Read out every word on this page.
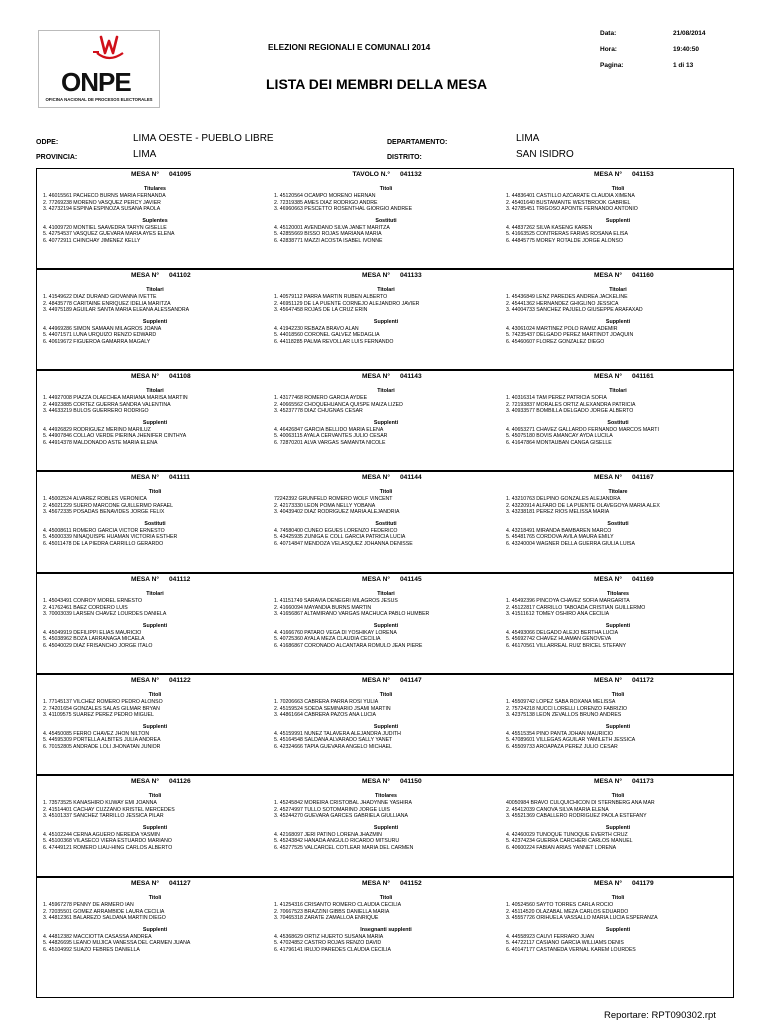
ONPE
OFICINA NACIONAL DE PROCESOS ELECTORALES
ELEZIONI REGIONALI E COMUNALI 2014
LISTA DEI MEMBRI DELLA MESA
Data:	21/08/2014
Hora:	19:40:50
Pagina:	1 di 13
ODPE:	LIMA OESTE - PUEBLO LIBRE
PROVINCIA:	LIMA
DEPARTAMENTO:	LIMA
DISTRITO:	SAN ISIDRO
MESA N° 041095
Titulares
1. 46015561 PACHECO BURNS MARIA FERNANDA
2. 77269238 MORENO VASQUEZ PERCY JAVIER
3. 42732194 ESPINA ESPINOZA SUSANA PAOLA
Suplentes
4. 41009720 MONTIEL SAAVEDRA TARYN GISELLE
5. 42754537 VASQUEZ GUEVARA MARIA AYES ELENA
6. 40772911 CHINCHAY JIMENEZ KELLY
TAVOLO N.° 041132
Titoli
1. 45120564 OCAMPO MORENO HERNAN
2. 72319385 AMES DIAZ RODRIGO ANDRE
3. 46960663 PESCETTO ROSENTHAL GIORGIO ANDREE
Sostituti
4. 45120001 AVENDAÑO SILVA JANET MARITZA
5. 42855669 BISSO ROJAS MARIANA MARIA
6. 42838771 MAZZI ACOSTA ISABEL IVONNE
MESA N° 041153
Titoli
1. 44836401 CASTILLO AZCARATE CLAUDIA XIMENA
2. 45401640 BUSTAMANTE WESTBROOK GABRIEL
3. 42785451 TRIGOSO APONTE FERNANDO ANTONIO
Supplenti
4. 44837262 SILVA KASENG KAREN
5. 41663525 CONTRERAS FARIAS ROSANA ELISA
6. 44845775 MOREY ROTALDE JORGE ALONSO
MESA N° 041102
Titolari
1. 41549622 DIAZ DURAND GIOVANNA IVETTE
2. 48435778 CARITAINE ENRIQUEZ IDELIA MARITZA
3. 44975189 AGUILAR SANTA MARIA ELEANA ALESSANDRA
Supplenti
4. 44969286 SIMON SAMAAN MILAGROS JOANA
5. 44071571 LUNA URQUIZO RENZO EDWARD
6. 40619672 FIGUEROA GAMARRA MAGALY
MESA N° 041133
Titolari
1. 40579112 PARRA MARTIN RUBEN ALBERTO
2. 46951129 DE LA PUENTE CORNEJO ALEJANDRO JAVIER
3. 45647458 ROJAS DE LA CRUZ ERIN
Supplenti
4. 41942230 REBAZA BRAVO ALAN
5. 44018560 CORONEL GALVEZ MEDAGLIA
6. 44118285 PALMA REVOLLAR LUIS FERNANDO
MESA N° 041160
Titolari
1. 45436849 LENZ PAREDES ANDREA JACKELINE
2. 45441362 HERNANDEZ GHIGLINO JESSICA
3. 44004733 SANCHEZ PAJUELO GIUSEPPE ARAFAXAD
Supplenti
4. 43061024 MARTINEZ POLO RAMIZ ADEMIR
5. 74235437 DELGADO PEREZ MARTINOT JOAQUIN
6. 45460607 FLOREZ GONZALEZ DIEGO
MESA N° 041108
Titolari
1. 44927008 PIAZZA OLAECHEA MARIANA MARISA MARTIN
2. 44923885 CORTEZ GUERRA SANDRA VALENTINA
3. 44633219 BULOS GUERRERO RODRIGO
Supplenti
4. 44926829 RODRIGUEZ MERINO MARILUZ
5. 44907846 COLLAO VERDE PIERINA JHENIFER CINTHYA
6. 44914378 MALDONADO ASTE MARIA ELENA
MESA N° 041143
Titolari
1. 43177468 ROMERO GARCIA AYDEE
2. 40665562 CHOQUEHUANCA QUISPE MAIZA LIZED
3. 45237778 DIAZ CHUGNAS CESAR
Supplenti
4. 46426847 GARCIA BELLIDO MARIA ELENA
5. 40063115 AYALA CERVANTES JULIO CESAR
6. 72870201 ALVA VARGAS SAMANTA NICOLE
MESA N° 041161
Titolari
1. 40316314 TAM PEREZ PATRICIA SOFIA
2. 72193837 MORALES ORTIZ ALEXANDRA PATRICIA
3. 40933577 BOMBILLA DELGADO JORGE ALBERTO
Sostituti
4. 40653271 CHAVEZ GALLARDO FERNANDO MARCOS MARTI
5. 45075180 BOVIS AMANCAY AYDA LUCILA
6. 41647864 MONTAUBAN CANGA GISELLE
MESA N° 041111
Titoli
1. 45002524 ALVAREZ ROBLES VERONICA
2. 45021229 SUERO MARCONE GUILLERMO RAFAEL
3. 45672335 POSADAS BENAVIDES JORGE FELIX
Sostituti
4. 45008611 ROMERO GARCIA VICTOR ERNESTO
5. 45000339 NINAQUISPE HUAMAN VICTORIA ESTHER
6. 45011478 DE LA PIEDRA CARRILLO GERARDO
MESA N° 041144
Titoli
72242392 GRUNFELD ROMERO WOLF VINCENT
2. 42173330 LEON POMA NELLY YOBANA
3. 40439402 DIAZ RODRIGUEZ MARIA ALEJANDRIA
Sostituti
4. 74580400 CUNEO EGÜES LORENZO FEDERICO
5. 43425935 ZUÑIGA E COLL GARCIA PATRICIA LUCIA
6. 40714847 MENDOZA VELASQUEZ JOHANNA DENISSE
MESA N° 041167
Titolare
1. 43210763 DELPINO GONZALES ALEJANDRA
2. 43220914 ALFARO DE LA PUENTE OLAVEGOYA MARIA ALEX
3. 43238181 PEREZ RIOS MELISSA MARIA
Sostituti
4. 43218491 MIRANDA BAMBAREN MARCO
5. 45481765 CORDOVA AVILA MAURA EMILY
6. 43240004 WAGNER DELLA GUERRA GIULIA LUISA
MESA N° 041112
Titolari
1. 45043491 CONROY MOREL ERNESTO
2. 41762461 BAEZ CORDERO LUIS
3. 70003039 LARSEN CHAVEZ LOURDES DANIELA
Supplenti
4. 45049919 DEFILIPPI ELIAS MAURICIO
5. 45038962 BOZA LARRAÑAGA MICAELA
6. 45040029 DIAZ FRISANCHO JORGE ITALO
MESA N° 041145
Titolari
1. 41151749 SARAVIA DENEGRI MILAGROS JESUS
2. 41660094 MAYANDIA BURNS MARTIN
3. 41656867 ALTAMIRANO VARGAS MACHUCA PABLO HUMBER
Supplenti
4. 41666760 PATARO VEGA DI YOSHIKAY LORENA
5. 40725360 AYALA MEZA CLAUDIA CECILIA
6. 41686867 CORONADO ALCANTARA ROMULO JEAN PIERE
MESA N° 041169
Titolares
1. 45492396 PINCOYA CHAVEZ SOFIA MARGARITA
2. 45122817 CARRILLO TABOADA CRISTIAN GUILLERMO
3. 41511612 TOMEY OSHIRO ANA CECILIA
Supplenti
4. 45493066 DELGADO ALEJO BERTHA LUCIA
5. 45692742 CHAVEZ HUAMAN GENOVEVA
6. 46170561 VILLARREAL RUIZ BRICEL STEFANY
MESA N° 041122
Titoli
1. 77145137 VILCHEZ ROMERO PEDRO ALONSO
2. 74201654 GONZALES SALAS GILMAR BRYAN
3. 41109575 SUAREZ PEREZ PEDRO MIGUEL
Supplenti
4. 45450085 FERRO CHAVEZ JHON NILTON
5. 44595309 PORTELLA ALBITES JULIA ANDREA
6. 70152805 ANDRADE LOLI JHONATAN JUNIOR
MESA N° 041147
Titoli
1. 70206663 CABRERA PARRA ROSI YULIA
2. 45159524 SOEDA SEMINARIO JSAMI MARTIN
3. 44861664 CABRERA PAZOS ANA LUCIA
Supplenti
4. 45159991 NUÑEZ TALAVERA ALEJANDRA JUDITH
5. 45164548 SALDAÑA ALVARADO SALLY YANET
6. 42324666 TAPIA GUEVARA ANGELO MICHAEL
MESA N° 041172
Titoli
1. 45509742 LOPEZ SABA ROXANA MELISSA
2. 75724218 NUCCI LORELLI LORENZO FABRIZIO
3. 42375138 LEON ZEVALLOS BRUNO ANDRES
Supplenti
4. 45515354 PINO PANTA JOHAN MAURICIO
5. 47089601 VILLEGAS AGUILAR YAMILETH JESSICA
6. 45509733 AROAPAZA PEREZ JULIO CESAR
MESA N° 041126
Titoli
1. 73573525 KANASHIRO KUWAY EMI JOANNA
2. 41514401 CACHAY CUZZANO KRISTEL MERCEDES
3. 45101337 SANCHEZ TARRILLO JESSICA PILAR
Supplenti
4. 45102244 CERNA AGÜERO NEREIDA YASMIN
5. 45100368 VILASECO VIERA ESTUARDO MARIANO
6. 47449121 ROMERO LIAU-HING CARLOS ALBERTO
MESA N° 041150
Titolares
1. 45245842 MOREIRA CRISTOBAL JHADYNNE YASHIRA
2. 45274997 TULLO SOTOMARINO JORGE LUIS
3. 45244270 GUEVARA GARCES GABRIELA GIULLIANA
Supplenti
4. 42168097 JERI PATIÑO LORENA JHAZMIN
5. 45243842 HANADA ANGULO RICARDO MITSURU
6. 45277525 VALCARCEL COTLEAR MARIA DEL CARMEN
MESA N° 041173
Titoli
40050984 BRAVO CULQUICHICON DI STERNBERG ANA MAR
2. 45412039 CANOVA SILVA MARIA ELENA
3. 45521369 CABALLERO RODRIGUEZ PAOLA ESTEFANY
Supplenti
4. 42460029 TUÑOQUE TUÑOQUE EVERTH CRUZ
5. 42374234 GUERRA CARCHERI CARLOS MANUEL
6. 40600224 FABIAN ARIAS YANNET LORENA
MESA N° 041127
Titoli
1. 45967278 PENNY DE ARMERO IAN
2. 72035501 GOMEZ ARRAMBIDE LAURA CECILIA
3. 44812361 BALAREZO SALDAÑA MARTIN DIEGO
Supplenti
4. 44812382 MACCIOTTA CASASSA ANDREA
5. 44826695 LEAÑO MUJICA VANESSA DEL CARMEN JUANA
6. 45104992 SUAZO FEBRES DANIELLA
MESA N° 041152
Titoli
1. 41254316 CRISANTO ROMERO CLAUDIA CECILIA
2. 70667523 BRAZZINI GIBBS DANIELLA MARIA
3. 70465318 ZARATE ZAMALLOA ENRIQUE
Insegnanti supplenti
4. 45368629 ORTIZ HUERTO SUSANA MARIA
5. 47024852 CASTRO ROJAS RENZO DAVID
6. 41796141 IRUJO PAREDES CLAUDIA CECILIA
MESA N° 041179
Titoli
1. 40524560 SAYTO TORRES CARLA ROCIO
2. 45114520 OLAZABAL MEZA CARLOS EDUARDO
3. 45557726 ORIHUELA VASSALLO MARIA LUCIA ESPERANZA
Supplenti
4. 44558923 CAUVI FERRARO JUAN
5. 44722117 CASIANO GARCIA WILLIAMS DENIS
6. 40147177 CASTAÑEDA VERNAL KAREM LOURDES
Reportare: RPT090302.rpt
